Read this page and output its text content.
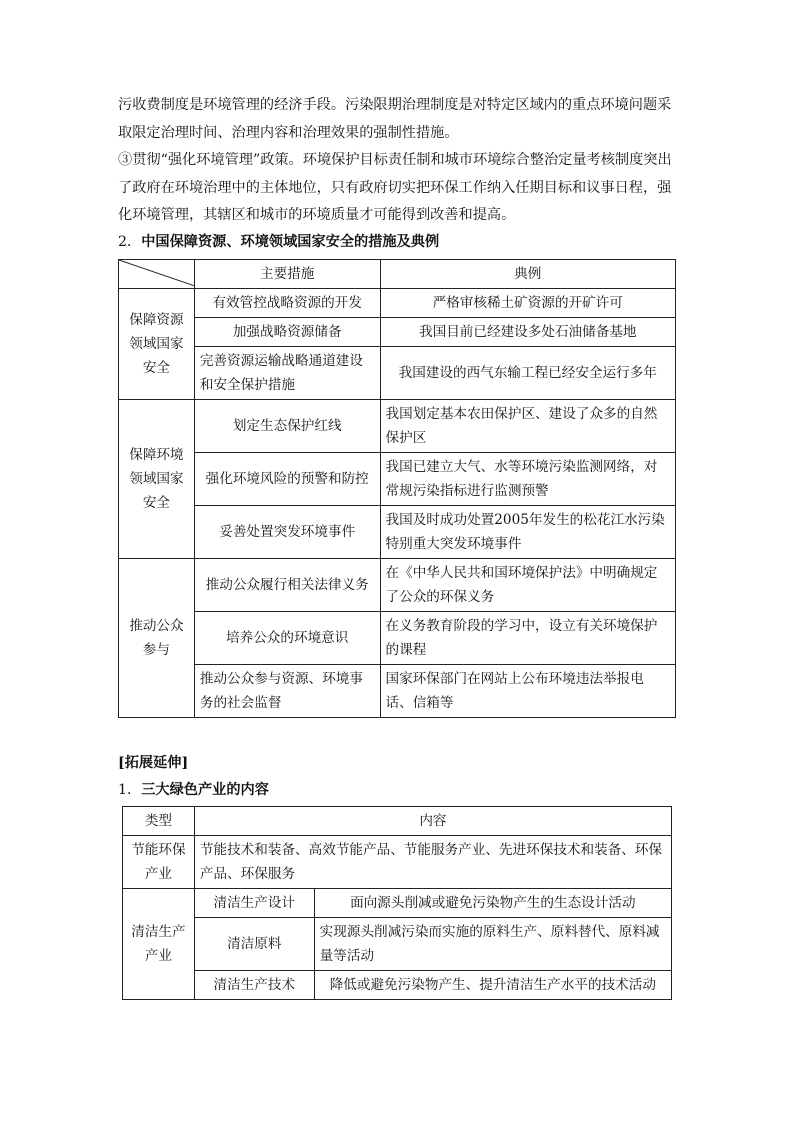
污收费制度是环境管理的经济手段。污染限期治理制度是对特定区域内的重点环境问题采取限定治理时间、治理内容和治理效果的强制性措施。

③贯彻“强化环境管理”政策。环境保护目标责任制和城市环境综合整治定量考核制度突出了政府在环境治理中的主体地位，只有政府切实把环保工作纳入任期目标和议事日程，强化环境管理，其辖区和城市的环境质量才可能得到改善和提高。

2．中国保障资源、环境领域国家安全的措施及典例

	主要措施	典例
保障资源领域国家安全	有效管控战略资源的开发	严格审核稀土矿资源的开矿许可
	加强战略资源储备	我国目前已经建设多处石油储备基地
	完善资源运输战略通道建设和安全保护措施	我国建设的西气东输工程已经安全运行多年
保障环境领域国家安全	划定生态保护红线	我国划定基本农田保护区、建设了众多的自然保护区
	强化环境风险的预警和防控	我国已建立大气、水等环境污染监测网络，对常规污染指标进行监测预警
	妥善处置突发环境事件	我国及时成功处置2005年发生的松花江水污染特别重大突发环境事件
推动公众参与	推动公众履行相关法律义务	在《中华人民共和国环境保护法》中明确规定了公众的环保义务
	培养公众的环境意识	在义务教育阶段的学习中，设立有关环境保护的课程
	推动公众参与资源、环境事务的社会监督	国家环保部门在网站上公布环境违法举报电话、信箱等
[拓展延伸]
1．三大绿色产业的内容
类型	内容	
节能环保产业	节能技术和装备、高效节能产品、节能服务产业、先进环保技术和装备、环保产品、环保服务	
清洁生产产业	清洁生产设计	面向源头削减或避免污染物产生的生态设计活动
	清洁原料	实现源头削减污染而实施的原料生产、原料替代、原料减量等活动
	清洁生产技术	降低或避免污染物产生、提升清洁生产水平的技术活动
